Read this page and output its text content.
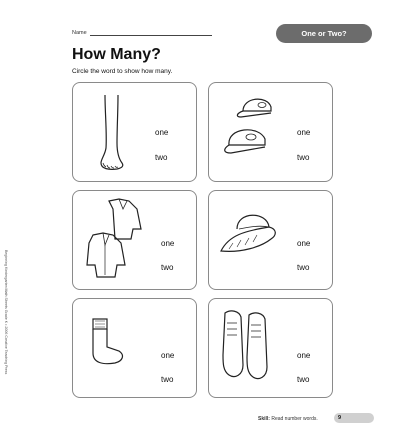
Name	One or Two?
How Many?
Circle the word to show how many.
one
two
one
two
one
two
one
two
one
two
one
two
Beginning Kindergarten Math Sheets Grade K • 2006 Creative Teaching Press
Skill: Read number words.	9
